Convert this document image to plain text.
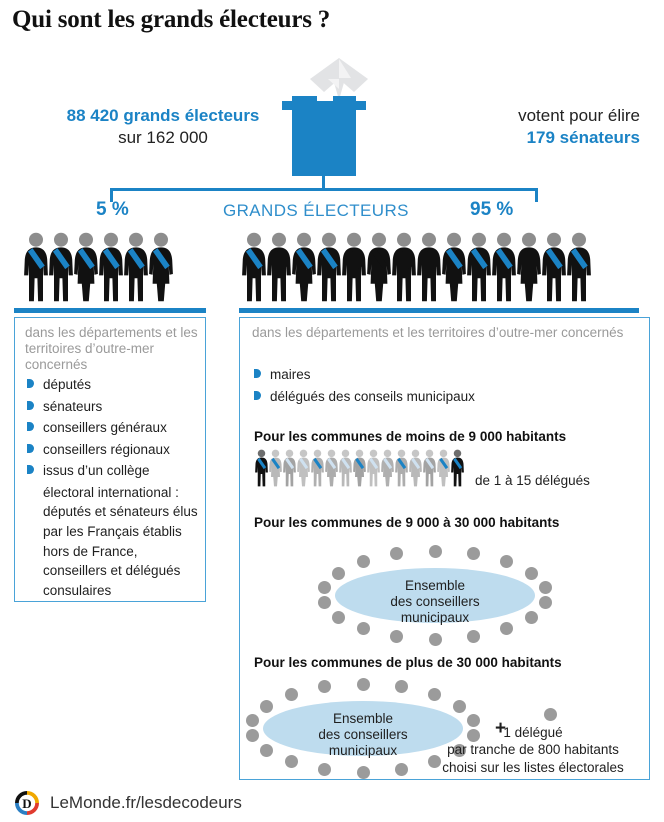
Qui sont les grands électeurs ?
88 420 grands électeurs
sur 162 000
votent pour élire
179 sénateurs
5 %	95 %
GRANDS ÉLECTEURS
dans les départements et les territoires d’outre-mer concernés
députés
sénateurs
conseillers généraux
conseillers régionaux
issus d’un collège
électoral international : députés et sénateurs élus par les Français établis hors de France, conseillers et délégués consulaires
dans les départements et les territoires d’outre-mer concernés
maires
délégués des conseils municipaux
Pour les communes de moins de 9 000 habitants
de 1 à 15 délégués
Pour les communes de 9 000 à 30 000 habitants
Ensemble
des conseillers
municipaux
Pour les communes de plus de 30 000 habitants
Ensemble
des conseillers
municipaux
+
1 délégué
par tranche de 800 habitants
choisi sur les listes électorales
D LeMonde.fr/lesdecodeurs
